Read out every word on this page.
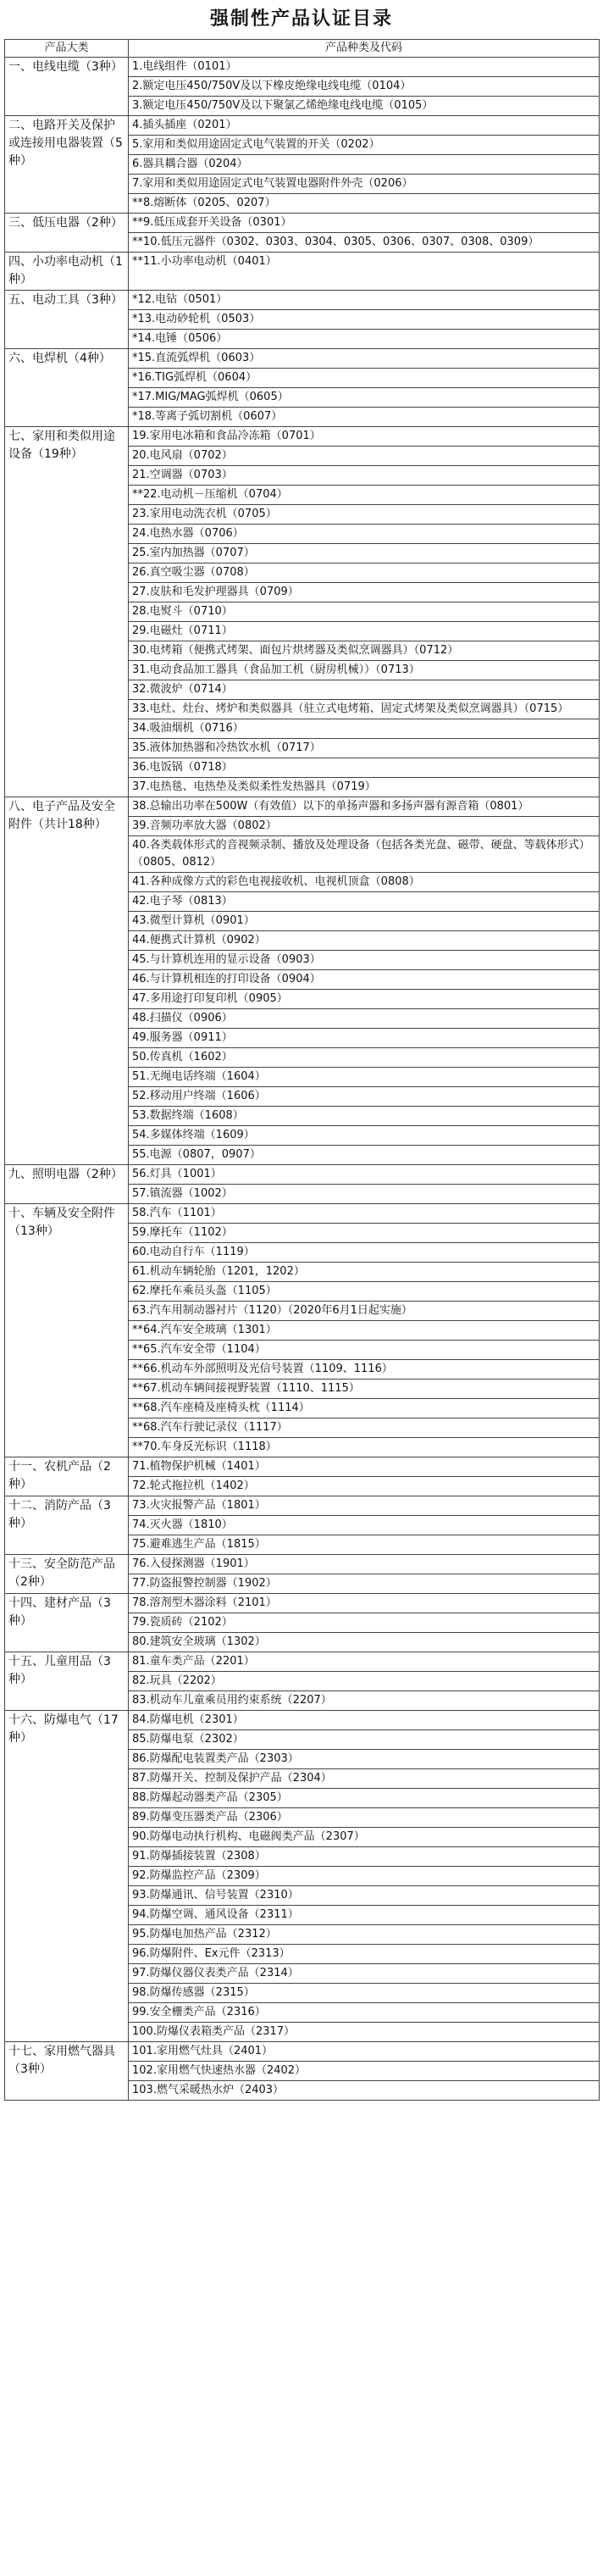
强制性产品认证目录
产品大类	产品种类及代码
一、电线电缆（3种）	1.电线组件（0101）
	2.额定电压450/750V及以下橡皮绝缘电线电缆（0104）
	3.额定电压450/750V及以下聚氯乙烯绝缘电线电缆（0105）
二、电路开关及保护或连接用电器装置（5种）	4.插头插座（0201）
	5.家用和类似用途固定式电气装置的开关（0202）
	6.器具耦合器（0204）
	7.家用和类似用途固定式电气装置电器附件外壳（0206）
	**8.熔断体（0205、0207）
三、低压电器（2种）	**9.低压成套开关设备（0301）
	**10.低压元器件（0302、0303、0304、0305、0306、0307、0308、0309）
四、小功率电动机（1种）	**11.小功率电动机（0401）
五、电动工具（3种）	*12.电钻（0501）
	*13.电动砂轮机（0503）
	*14.电锤（0506）
六、电焊机（4种）	*15.直流弧焊机（0603）
	*16.TIG弧焊机（0604）
	*17.MIG/MAG弧焊机（0605）
	*18.等离子弧切割机（0607）
七、家用和类似用途设备（19种）	19.家用电冰箱和食品冷冻箱（0701）
	20.电风扇（0702）
	21.空调器（0703）
	**22.电动机－压缩机（0704）
	23.家用电动洗衣机（0705）
	24.电热水器（0706）
	25.室内加热器（0707）
	26.真空吸尘器（0708）
	27.皮肤和毛发护理器具（0709）
	28.电熨斗（0710）
	29.电磁灶（0711）
	30.电烤箱（便携式烤架、面包片烘烤器及类似烹调器具）（0712）
	31.电动食品加工器具（食品加工机（厨房机械））（0713）
	32.微波炉（0714）
	33.电灶、灶台、烤炉和类似器具（驻立式电烤箱、固定式烤架及类似烹调器具）（0715）
	34.吸油烟机（0716）
	35.液体加热器和冷热饮水机（0717）
	36.电饭锅（0718）
	37.电热毯、电热垫及类似柔性发热器具（0719）
八、电子产品及安全附件（共计18种）	38.总输出功率在500W（有效值）以下的单扬声器和多扬声器有源音箱（0801）
	39.音频功率放大器（0802）
	40.各类载体形式的音视频录制、播放及处理设备（包括各类光盘、磁带、硬盘、等载体形式）（0805、0812）
	41.各种成像方式的彩色电视接收机、电视机顶盒（0808）
	42.电子琴（0813）
	43.微型计算机（0901）
	44.便携式计算机（0902）
	45.与计算机连用的显示设备（0903）
	46.与计算机相连的打印设备（0904）
	47.多用途打印复印机（0905）
	48.扫描仪（0906）
	49.服务器（0911）
	50.传真机（1602）
	51.无绳电话终端（1604）
	52.移动用户终端（1606）
	53.数据终端（1608）
	54.多媒体终端（1609）
	55.电源（0807，0907）
九、照明电器（2种）	56.灯具（1001）
	57.镇流器（1002）
十、车辆及安全附件（13种）	58.汽车（1101）
	59.摩托车（1102）
	60.电动自行车（1119）
	61.机动车辆轮胎（1201，1202）
	62.摩托车乘员头盔（1105）
	63.汽车用制动器衬片（1120）（2020年6月1日起实施）
	**64.汽车安全玻璃（1301）
	**65.汽车安全带（1104）
	**66.机动车外部照明及光信号装置（1109、1116）
	**67.机动车辆间接视野装置（1110、1115）
	**68.汽车座椅及座椅头枕（1114）
	**68.汽车行驶记录仪（1117）
	**70.车身反光标识（1118）
十一、农机产品（2种）	71.植物保护机械（1401）
	72.轮式拖拉机（1402）
十二、消防产品（3种）	73.火灾报警产品（1801）
	74.灭火器（1810）
	75.避难逃生产品（1815）
十三、安全防范产品（2种）	76.入侵探测器（1901）
	77.防盗报警控制器（1902）
十四、建材产品（3种）	78.溶剂型木器涂料（2101）
	79.瓷质砖（2102）
	80.建筑安全玻璃（1302）
十五、儿童用品（3种）	81.童车类产品（2201）
	82.玩具（2202）
	83.机动车儿童乘员用约束系统（2207）
十六、防爆电气（17种）	84.防爆电机（2301）
	85.防爆电泵（2302）
	86.防爆配电装置类产品（2303）
	87.防爆开关、控制及保护产品（2304）
	88.防爆起动器类产品（2305）
	89.防爆变压器类产品（2306）
	90.防爆电动执行机构、电磁阀类产品（2307）
	91.防爆插接装置（2308）
	92.防爆监控产品（2309）
	93.防爆通讯、信号装置（2310）
	94.防爆空调、通风设备（2311）
	95.防爆电加热产品（2312）
	96.防爆附件、Ex元件（2313）
	97.防爆仪器仪表类产品（2314）
	98.防爆传感器（2315）
	99.安全栅类产品（2316）
	100.防爆仪表箱类产品（2317）
十七、家用燃气器具（3种）	101.家用燃气灶具（2401）
	102.家用燃气快速热水器（2402）
	103.燃气采暖热水炉（2403）
